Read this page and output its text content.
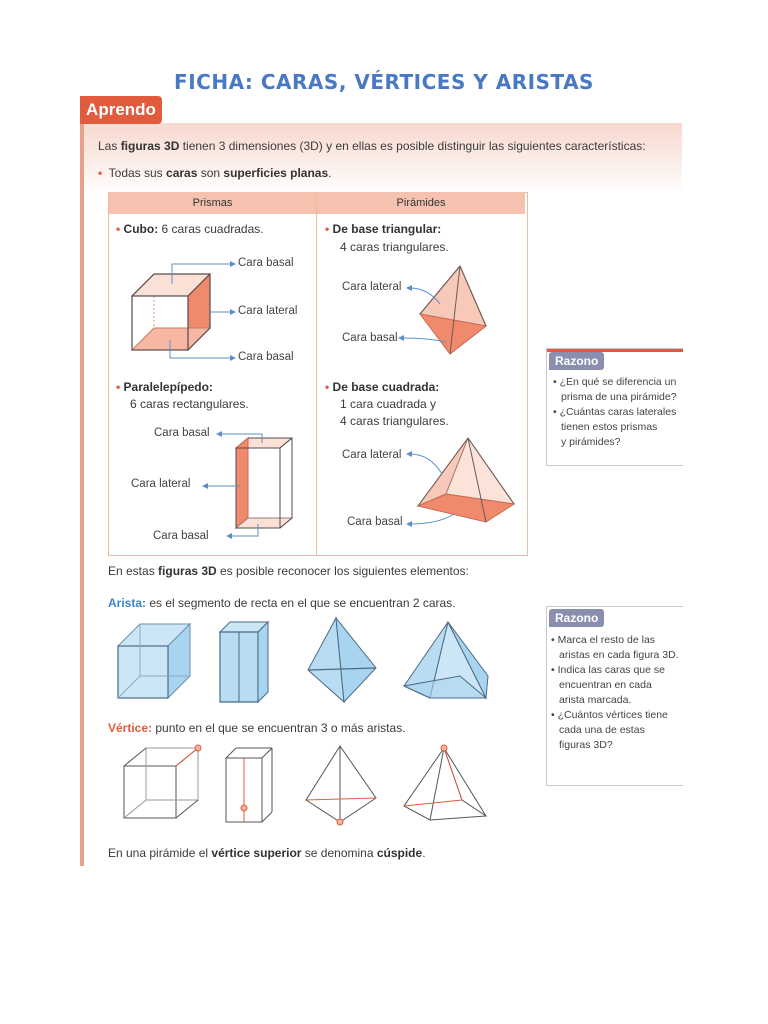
FICHA: CARAS, VÉRTICES Y ARISTAS
Aprendo
Las figuras 3D tienen 3 dimensiones (3D) y en ellas es posible distinguir las siguientes características:
• Todas sus caras son superficies planas.
Prismas	Pirámides
• Cubo: 6 caras cuadradas.
Cara basal
Cara lateral
Cara basal
• Paralelepípedo:
6 caras rectangulares.
Cara basal
Cara lateral
Cara basal
• De base triangular:
4 caras triangulares.
Cara lateral
Cara basal
• De base cuadrada:
1 cara cuadrada y
4 caras triangulares.
Cara lateral
Cara basal
Razono
• ¿En qué se diferencia un
prisma de una pirámide?
• ¿Cuántas caras laterales
tienen estos prismas
y pirámides?
En estas figuras 3D es posible reconocer los siguientes elementos:
Arista: es el segmento de recta en el que se encuentran 2 caras.
Vértice: punto en el que se encuentran 3 o más aristas.
En una pirámide el vértice superior se denomina cúspide.
Razono
• Marca el resto de las
aristas en cada figura 3D.
• Indica las caras que se
encuentran en cada
arista marcada.
• ¿Cuántos vértices tiene
cada una de estas
figuras 3D?
